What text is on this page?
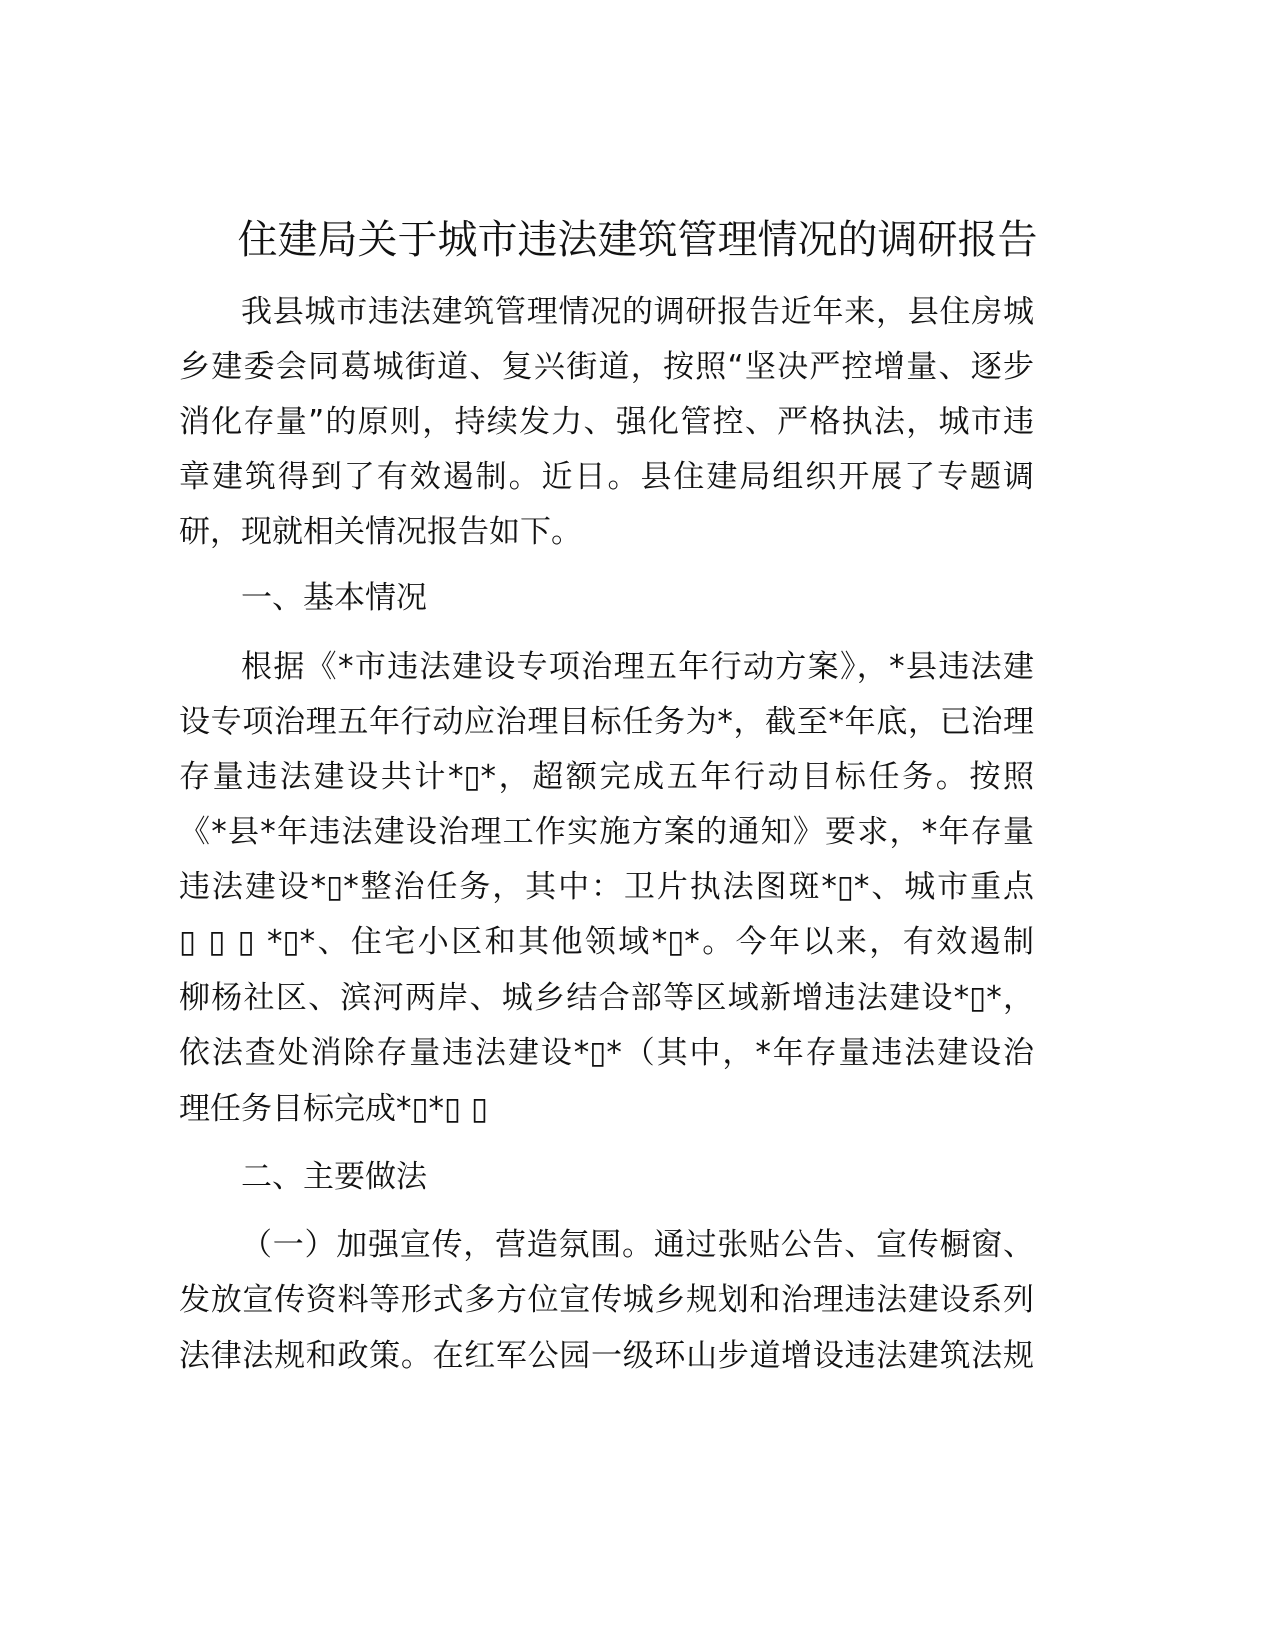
住建局关于城市违法建筑管理情况的调研报告
我县城市违法建筑管理情况的调研报告近年来，县住房城
乡建委会同葛城街道、复兴街道，按照“坚决严控增量、逐步
消化存量”的原则，持续发力、强化管控、严格执法，城市违
章建筑得到了有效遏制。近日。县住建局组织开展了专题调
研，现就相关情况报告如下。
一、基本情况
根据《*市违法建设专项治理五年行动方案》，*县违法建
设专项治理五年行动应治理目标任务为*，截至*年底，已治理
存量违法建设共计*▯*，超额完成五年行动目标任务。按照
《*县*年违法建设治理工作实施方案的通知》要求，*年存量
违法建设*▯*整治任务，其中：卫片执法图斑*▯*、城市重点
▯ ▯ ▯ *▯*、住宅小区和其他领域*▯*。今年以来，有效遏制
柳杨社区、滨河两岸、城乡结合部等区域新增违法建设*▯*，
依法查处消除存量违法建设*▯*（其中，*年存量违法建设治
理任务目标完成*▯*▯ ▯
二、主要做法
（一）加强宣传，营造氛围。通过张贴公告、宣传橱窗、
发放宣传资料等形式多方位宣传城乡规划和治理违法建设系列
法律法规和政策。在红军公园一级环山步道增设违法建筑法规
